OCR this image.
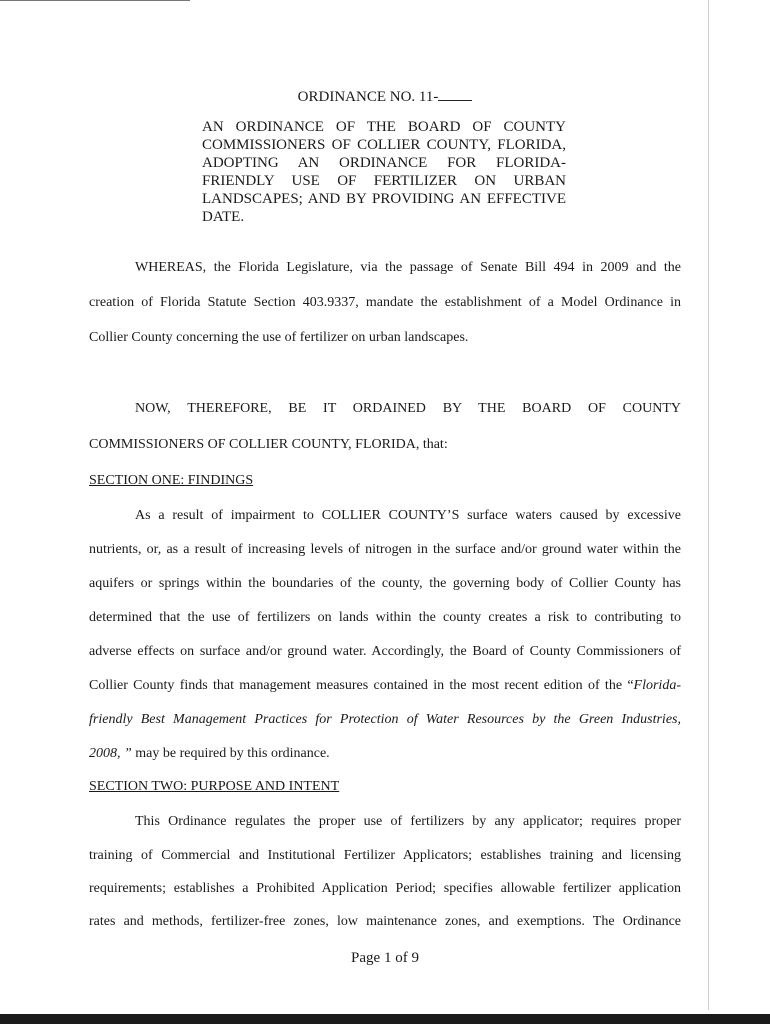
ORDINANCE NO. 11-
AN ORDINANCE OF THE BOARD OF COUNTY
COMMISSIONERS OF COLLIER COUNTY, FLORIDA,
ADOPTING AN ORDINANCE FOR FLORIDA-
FRIENDLY USE OF FERTILIZER ON URBAN
LANDSCAPES; AND BY PROVIDING AN EFFECTIVE
DATE.
WHEREAS, the Florida Legislature, via the passage of Senate Bill 494 in 2009 and the
creation of Florida Statute Section 403.9337, mandate the establishment of a Model Ordinance in
Collier County concerning the use of fertilizer on urban landscapes.
NOW, THEREFORE, BE IT ORDAINED BY THE BOARD OF COUNTY
COMMISSIONERS OF COLLIER COUNTY, FLORIDA, that:
SECTION ONE: FINDINGS
As a result of impairment to COLLIER COUNTY’S surface waters caused by excessive
nutrients, or, as a result of increasing levels of nitrogen in the surface and/or ground water within the
aquifers or springs within the boundaries of the county, the governing body of Collier County has
determined that the use of fertilizers on lands within the county creates a risk to contributing to
adverse effects on surface and/or ground water. Accordingly, the Board of County Commissioners of
Collier County finds that management measures contained in the most recent edition of the “Florida-
friendly Best Management Practices for Protection of Water Resources by the Green Industries,
2008, ” may be required by this ordinance.
SECTION TWO: PURPOSE AND INTENT
This Ordinance regulates the proper use of fertilizers by any applicator; requires proper
training of Commercial and Institutional Fertilizer Applicators; establishes training and licensing
requirements; establishes a Prohibited Application Period; specifies allowable fertilizer application
rates and methods, fertilizer-free zones, low maintenance zones, and exemptions. The Ordinance
Page 1 of 9
